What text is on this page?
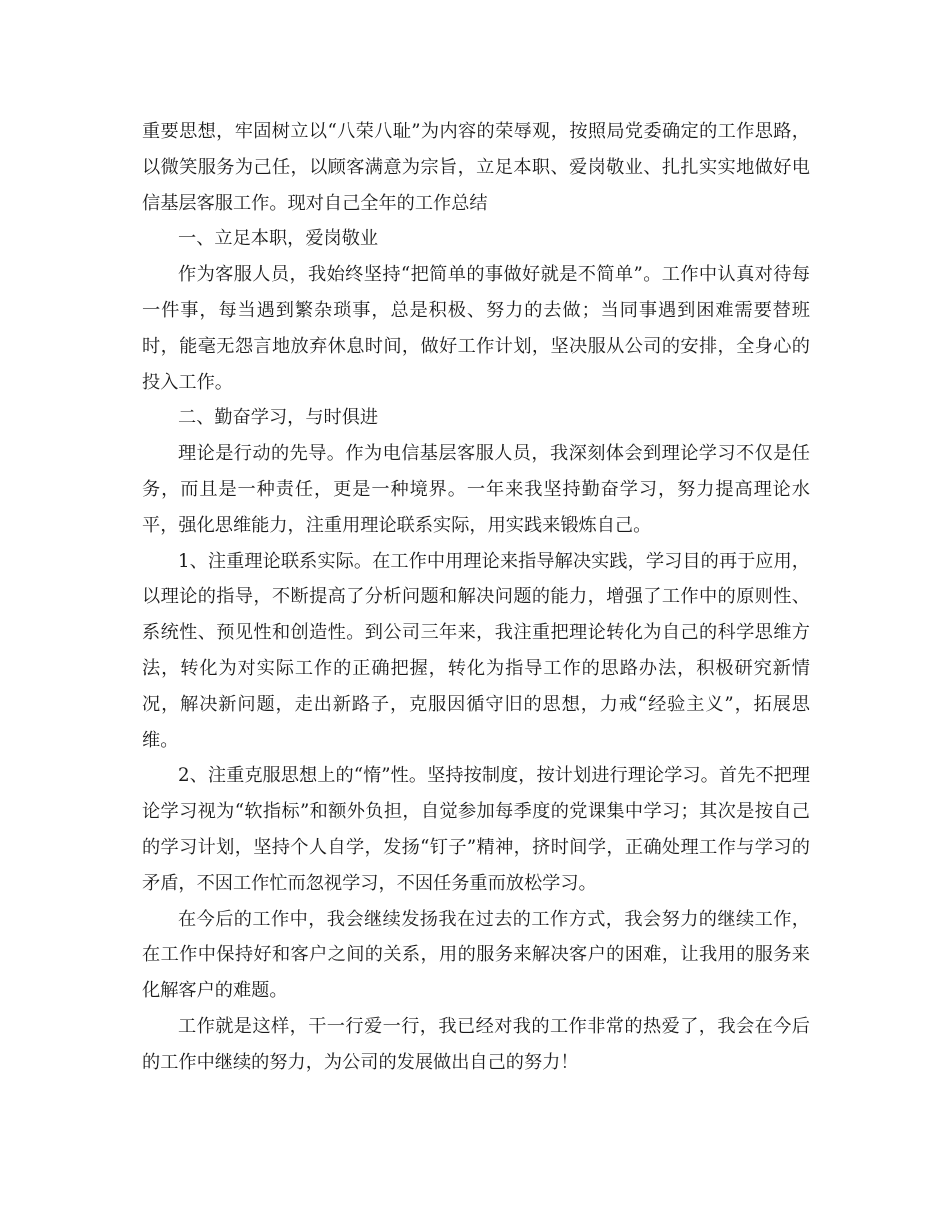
重要思想，牢固树立以“八荣八耻”为内容的荣辱观，按照局党委确定的工作思路，以微笑服务为己任，以顾客满意为宗旨，立足本职、爱岗敬业、扎扎实实地做好电信基层客服工作。现对自己全年的工作总结

一、立足本职，爱岗敬业

作为客服人员，我始终坚持“把简单的事做好就是不简单”。工作中认真对待每一件事，每当遇到繁杂琐事，总是积极、努力的去做；当同事遇到困难需要替班时，能毫无怨言地放弃休息时间，做好工作计划，坚决服从公司的安排，全身心的投入工作。

二、勤奋学习，与时俱进

理论是行动的先导。作为电信基层客服人员，我深刻体会到理论学习不仅是任务，而且是一种责任，更是一种境界。一年来我坚持勤奋学习，努力提高理论水平，强化思维能力，注重用理论联系实际，用实践来锻炼自己。

1、注重理论联系实际。在工作中用理论来指导解决实践，学习目的再于应用，以理论的指导，不断提高了分析问题和解决问题的能力，增强了工作中的原则性、系统性、预见性和创造性。到公司三年来，我注重把理论转化为自己的科学思维方法，转化为对实际工作的正确把握，转化为指导工作的思路办法，积极研究新情况，解决新问题，走出新路子，克服因循守旧的思想，力戒“经验主义”，拓展思维。

2、注重克服思想上的“惰”性。坚持按制度，按计划进行理论学习。首先不把理论学习视为“软指标”和额外负担，自觉参加每季度的党课集中学习；其次是按自己的学习计划，坚持个人自学，发扬“钉子”精神，挤时间学，正确处理工作与学习的矛盾，不因工作忙而忽视学习，不因任务重而放松学习。

在今后的工作中，我会继续发扬我在过去的工作方式，我会努力的继续工作，在工作中保持好和客户之间的关系，用的服务来解决客户的困难，让我用的服务来化解客户的难题。

工作就是这样，干一行爱一行，我已经对我的工作非常的热爱了，我会在今后的工作中继续的努力，为公司的发展做出自己的努力！
